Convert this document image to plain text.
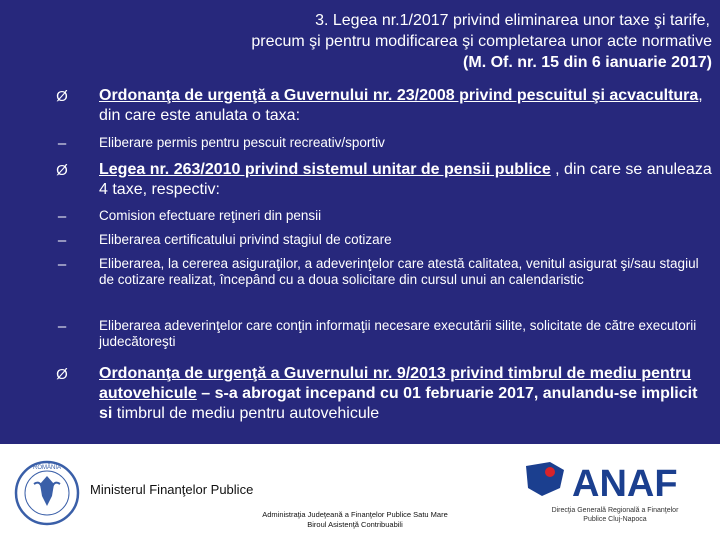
3. Legea nr.1/2017 privind eliminarea unor taxe şi tarife,
precum şi pentru modificarea şi completarea unor acte normative
(M. Of. nr. 15 din 6 ianuarie 2017)
Ø Ordonanţa de urgenţă a Guvernului nr. 23/2008 privind pescuitul şi acvacultura, din care este anulata o taxa:
–	Eliberare permis pentru pescuit recreativ/sportiv
Ø Legea nr. 263/2010 privind sistemul unitar de pensii publice , din care se anuleaza 4 taxe, respectiv:
–	Comision efectuare reţineri din pensii
–	Eliberarea certificatului privind stagiul de cotizare
–	Eliberarea, la cererea asiguraţilor, a adeverinţelor care atestă calitatea, venitul asigurat şi/sau stagiul de cotizare realizat, începând cu a doua solicitare din cursul unui an calendaristic
–	Eliberarea adeverinţelor care conţin informaţii necesare executării silite, solicitate de către executorii judecătoreşti
Ø Ordonanţa de urgenţă a Guvernului nr. 9/2013 privind timbrul de mediu pentru autovehicule – s-a abrogat incepand cu 01 februarie 2017, anulandu-se implicit si timbrul de mediu pentru autovehicule
ROMÂNIA
Ministerul Finanţelor Publice
Administraţia Judeţeană a Finanţelor Publice Satu Mare
Biroul Asistenţă Contribuabili
ANAF
Direcţia Generală Regională a Finanţelor Publice Cluj-Napoca
